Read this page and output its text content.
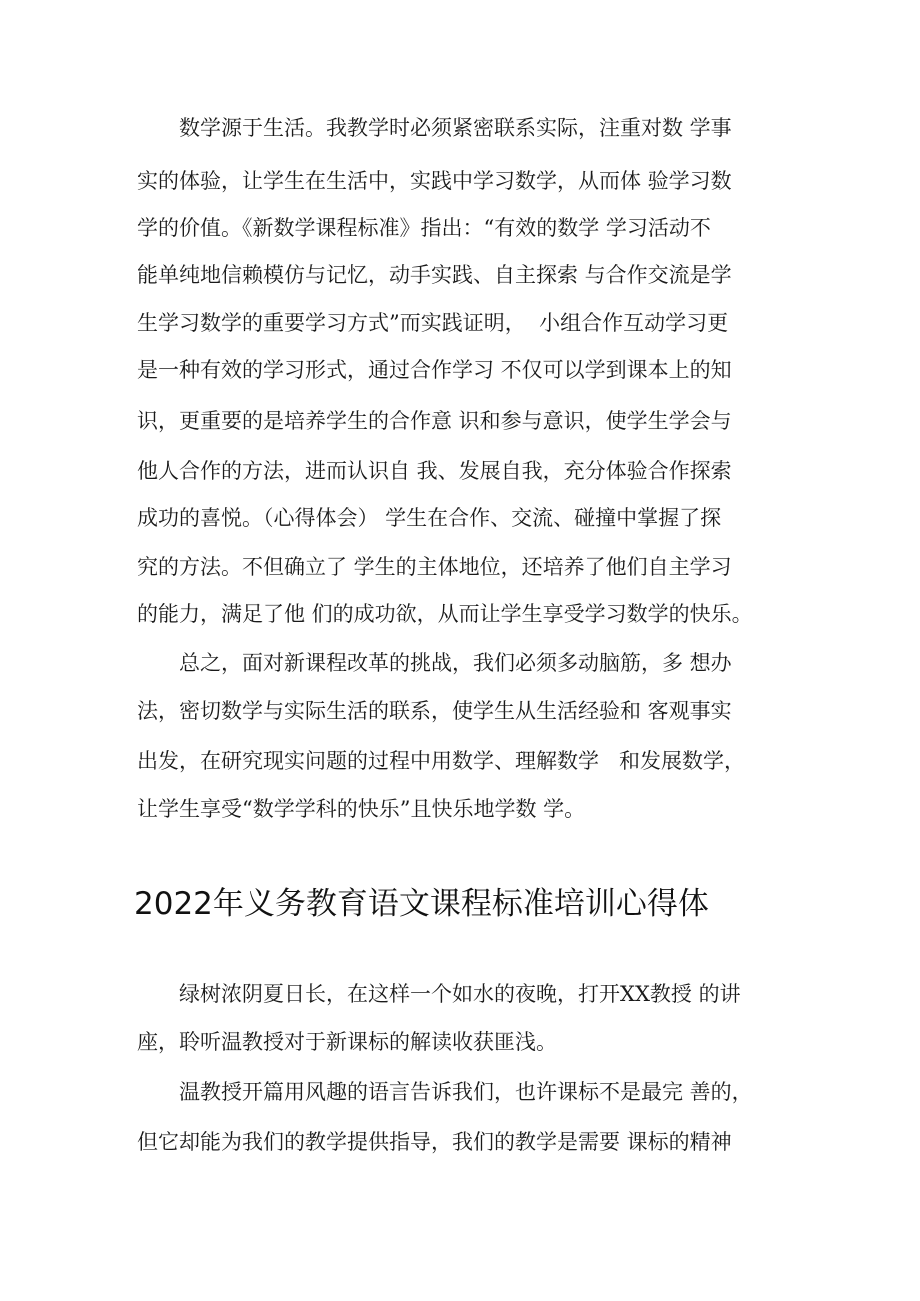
　　数学源于生活。我教学时必须紧密联系实际，注重对数 学事
实的体验，让学生在生活中，实践中学习数学，从而体 验学习数
学的价值。《新数学课程标准》指出：“有效的数学 学习活动不
能单纯地信赖模仿与记忆，动手实践、自主探索 与合作交流是学
生学习数学的重要学习方式”而实践证明，  小组合作互动学习更
是一种有效的学习形式，通过合作学习 不仅可以学到课本上的知
识，更重要的是培养学生的合作意 识和参与意识，使学生学会与
他人合作的方法，进而认识自 我、发展自我，充分体验合作探索
成功的喜悦。（心得体会） 学生在合作、交流、碰撞中掌握了探
究的方法。不但确立了 学生的主体地位，还培养了他们自主学习
的能力，满足了他 们的成功欲，从而让学生享受学习数学的快乐。
　　总之，面对新课程改革的挑战，我们必须多动脑筋，多 想办
法，密切数学与实际生活的联系，使学生从生活经验和 客观事实
出发，在研究现实问题的过程中用数学、理解数学   和发展数学，
让学生享受“数学学科的快乐”且快乐地学数 学。
2022年义务教育语文课程标准培训心得体
　　绿树浓阴夏日长，在这样一个如水的夜晚，打开XX教授 的讲
座，聆听温教授对于新课标的解读收获匪浅。
　　温教授开篇用风趣的语言告诉我们，也许课标不是最完 善的，
但它却能为我们的教学提供指导，我们的教学是需要 课标的精神
